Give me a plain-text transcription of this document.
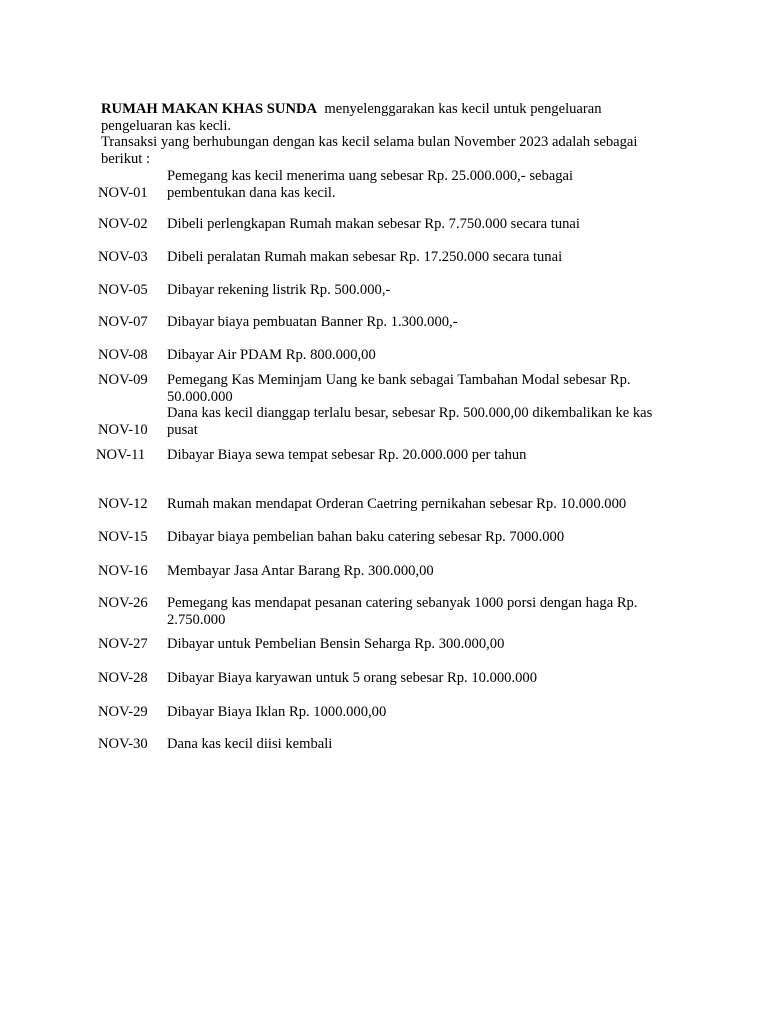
RUMAH MAKAN KHAS SUNDA menyelenggarakan kas kecil untuk pengeluaran
pengeluaran kas kecli.
Transaksi yang berhubungan dengan kas kecil selama bulan November 2023 adalah sebagai
berikut :
Pemegang kas kecil menerima uang sebesar Rp. 25.000.000,- sebagai
pembentukan dana kas kecil.
NOV-01
NOV-02 Dibeli perlengkapan Rumah makan sebesar Rp. 7.750.000 secara tunai
NOV-03 Dibeli peralatan Rumah makan sebesar Rp. 17.250.000 secara tunai
NOV-05 Dibayar rekening listrik Rp. 500.000,-
NOV-07 Dibayar biaya pembuatan Banner Rp. 1.300.000,-
NOV-08 Dibayar Air PDAM Rp. 800.000,00
NOV-09 Pemegang Kas Meminjam Uang ke bank sebagai Tambahan Modal sebesar Rp.
50.000.000
Dana kas kecil dianggap terlalu besar, sebesar Rp. 500.000,00 dikembalikan ke kas
pusat
NOV-10
NOV-11 Dibayar Biaya sewa tempat sebesar Rp. 20.000.000 per tahun
NOV-12 Rumah makan mendapat Orderan Caetring pernikahan sebesar Rp. 10.000.000
NOV-15 Dibayar biaya pembelian bahan baku catering sebesar Rp. 7000.000
NOV-16 Membayar Jasa Antar Barang Rp. 300.000,00
NOV-26 Pemegang kas mendapat pesanan catering sebanyak 1000 porsi dengan haga Rp.
2.750.000
NOV-27 Dibayar untuk Pembelian Bensin Seharga Rp. 300.000,00
NOV-28 Dibayar Biaya karyawan untuk 5 orang sebesar Rp. 10.000.000
NOV-29 Dibayar Biaya Iklan Rp. 1000.000,00
NOV-30 Dana kas kecil diisi kembali
